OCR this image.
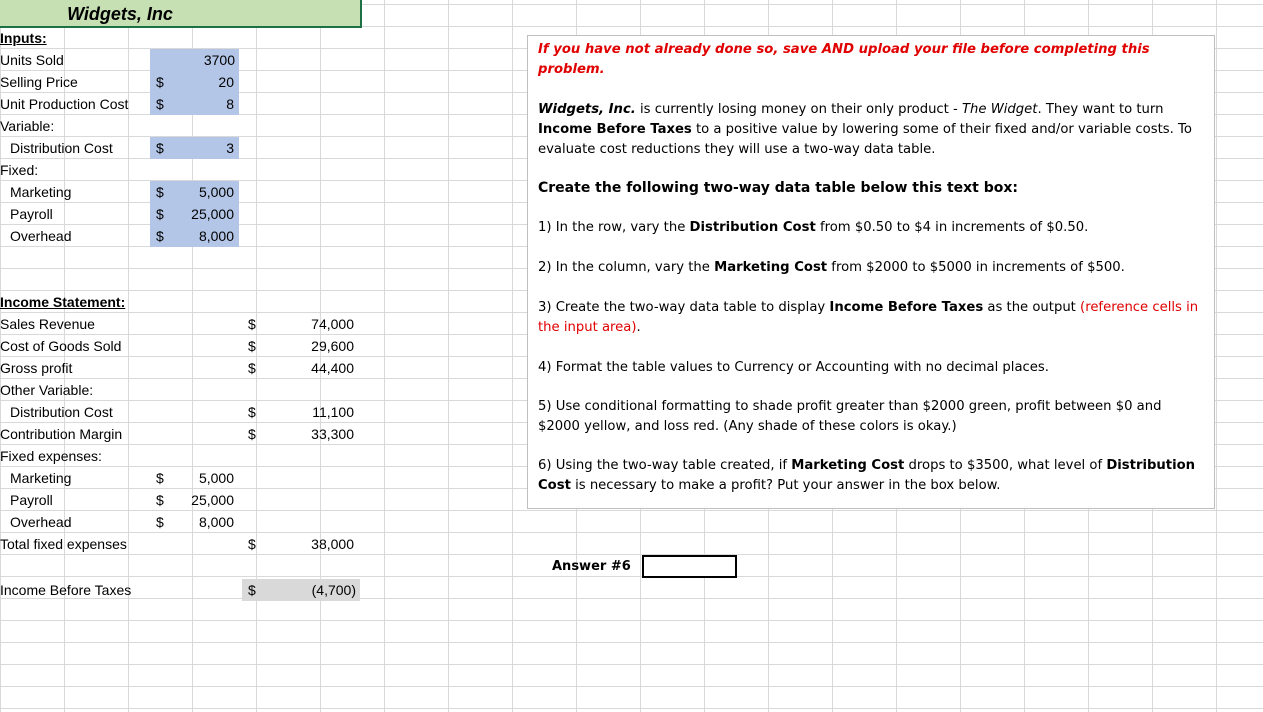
Widgets, Inc
Inputs:
Units Sold	3700
Selling Price	$	20
Unit Production Cost $	8
Variable:
Distribution Cost	$	3
Fixed:
Marketing	$	5,000
Payroll	$ 25,000
Overhead	$	8,000
Income Statement:
Sales Revenue	$	74,000
Cost of Goods Sold	$	29,600
Gross profit	$	44,400
Other Variable:
Distribution Cost	$	11,100
Contribution Margin	$	33,300
Fixed expenses:
Marketing	$	5,000
Payroll	$	25,000
Overhead	$	8,000
Total fixed expenses	$	38,000
Income Before Taxes	$	(4,700)

If you have not already done so, save AND upload your file before completing this problem.

Widgets, Inc. is currently losing money on their only product - The Widget. They want to turn Income Before Taxes to a positive value by lowering some of their fixed and/or variable costs. To evaluate cost reductions they will use a two-way data table.

Create the following two-way data table below this text box:

1) In the row, vary the Distribution Cost from $0.50 to $4 in increments of $0.50.

2) In the column, vary the Marketing Cost from $2000 to $5000 in increments of $500.

3) Create the two-way data table to display Income Before Taxes as the output (reference cells in the input area).

4) Format the table values to Currency or Accounting with no decimal places.

5) Use conditional formatting to shade profit greater than $2000 green, profit between $0 and $2000 yellow, and loss red. (Any shade of these colors is okay.)

6) Using the two-way table created, if Marketing Cost drops to $3500, what level of Distribution Cost is necessary to make a profit? Put your answer in the box below.

Answer #6
